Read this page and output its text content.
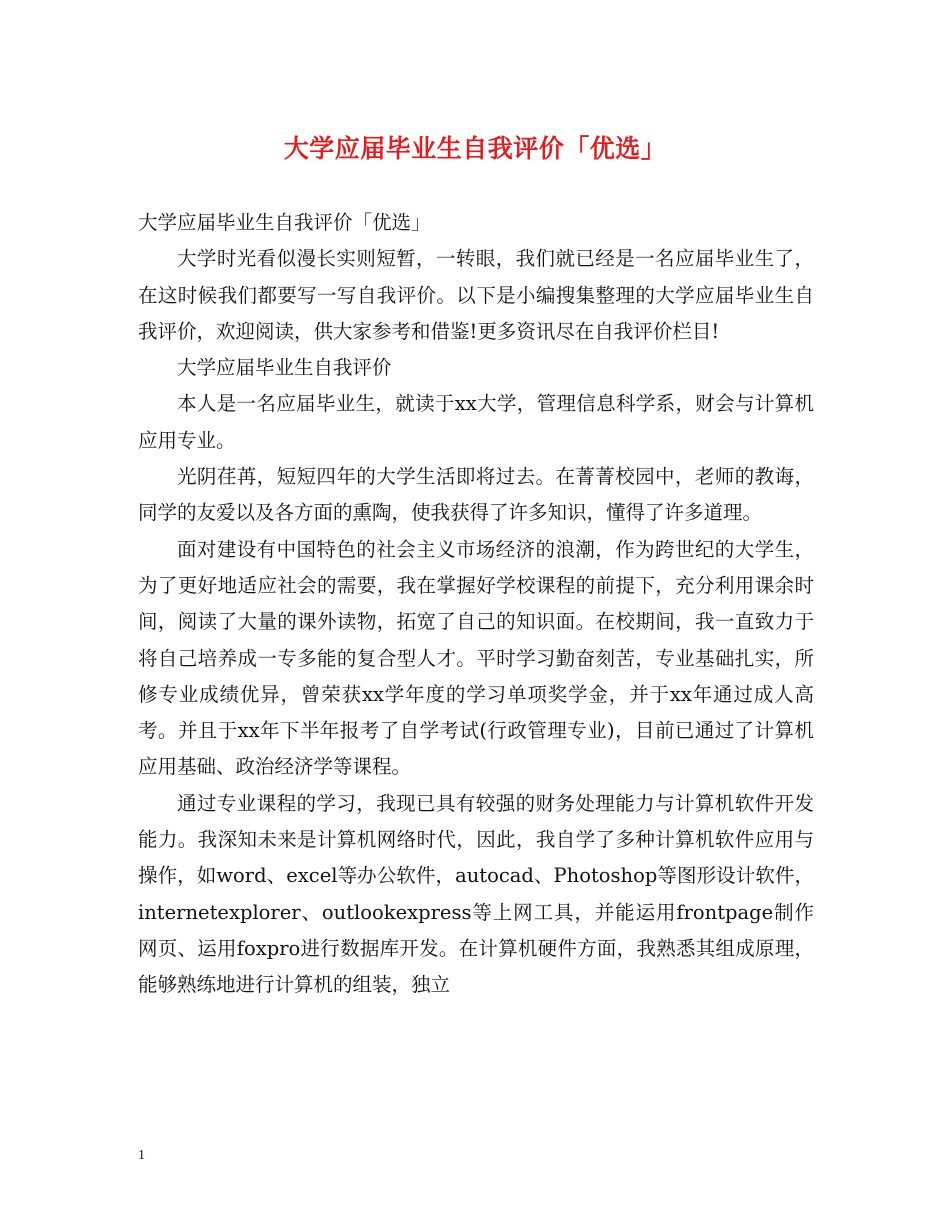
大学应届毕业生自我评价「优选」

大学应届毕业生自我评价「优选」

大学时光看似漫长实则短暂，一转眼，我们就已经是一名应届毕业生了，在这时候我们都要写一写自我评价。以下是小编搜集整理的大学应届毕业生自我评价，欢迎阅读，供大家参考和借鉴!更多资讯尽在自我评价栏目!

大学应届毕业生自我评价

本人是一名应届毕业生，就读于xx大学，管理信息科学系，财会与计算机应用专业。

光阴荏苒，短短四年的大学生活即将过去。在菁菁校园中，老师的教诲，同学的友爱以及各方面的熏陶，使我获得了许多知识，懂得了许多道理。

面对建设有中国特色的社会主义市场经济的浪潮，作为跨世纪的大学生，为了更好地适应社会的需要，我在掌握好学校课程的前提下，充分利用课余时间，阅读了大量的课外读物，拓宽了自己的知识面。在校期间，我一直致力于将自己培养成一专多能的复合型人才。平时学习勤奋刻苦，专业基础扎实，所修专业成绩优异，曾荣获xx学年度的学习单项奖学金，并于xx年通过成人高考。并且于xx年下半年报考了自学考试(行政管理专业)，目前已通过了计算机应用基础、政治经济学等课程。

通过专业课程的学习，我现已具有较强的财务处理能力与计算机软件开发能力。我深知未来是计算机网络时代，因此，我自学了多种计算机软件应用与操作，如word、excel等办公软件，autocad、Photoshop等图形设计软件，internetexplorer、outlookexpress等上网工具，并能运用frontpage制作网页、运用foxpro进行数据库开发。在计算机硬件方面，我熟悉其组成原理，能够熟练地进行计算机的组装，独立

1
